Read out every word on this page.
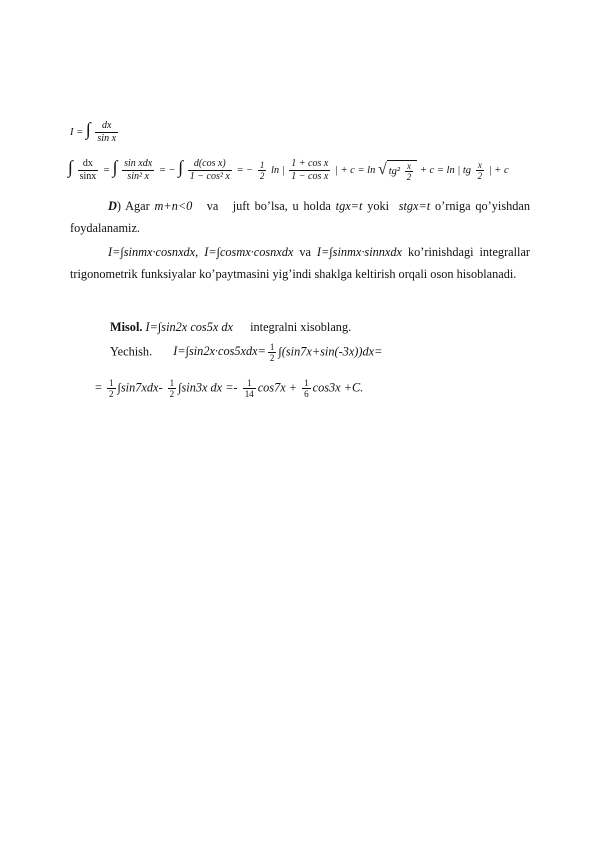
I = ∫ $\frac{dx}{\text{sin x}}$
∫ $\frac{dx}{\sin x}$ = ∫ $\frac{\text{sin xdx}}{\text{sin² x}}$ = − ∫ $\frac{\text{d(cos x)}}{\text{1 − cos² x}}$ = − $\frac{1}{2}$ ln | $\frac{\text{1 + cos x}}{\text{1 − cos x}}$ | + c = ln √ $tg^2 \frac{x}{2} + c = \ln$ | tg $\frac{x}{2}$ | + c
D) Agar m+n<0   va   juft bo’lsa, u holda tgx=t yoki  stgx=t o’rniga qo’yishdan foydalanamiz.
I=∫sinmx·cosnxdx, I=∫cosmx·cosnxdx va I=∫sinmx·sinnxdx ko’rinishdagi integrallar trigonometrik funksiyalar ko’paytmasini yig’indi shaklga keltirish orqali oson hisoblanadi.
Misol. I=∫sin2x cos5x dx integralni xisoblang.
Yechish. $I=\int\sin 2x\cdot\cos 5xdx= \frac{1}{2} \int(\sin 7x+\sin(-3x))dx=$
= $\frac{1}{2} \int\sin 7xdx- \frac{1}{2} \int\sin 3x$ dx =- $\frac{1}{14} \cos 7x + \frac{1}{6} \cos 3x +C$.
